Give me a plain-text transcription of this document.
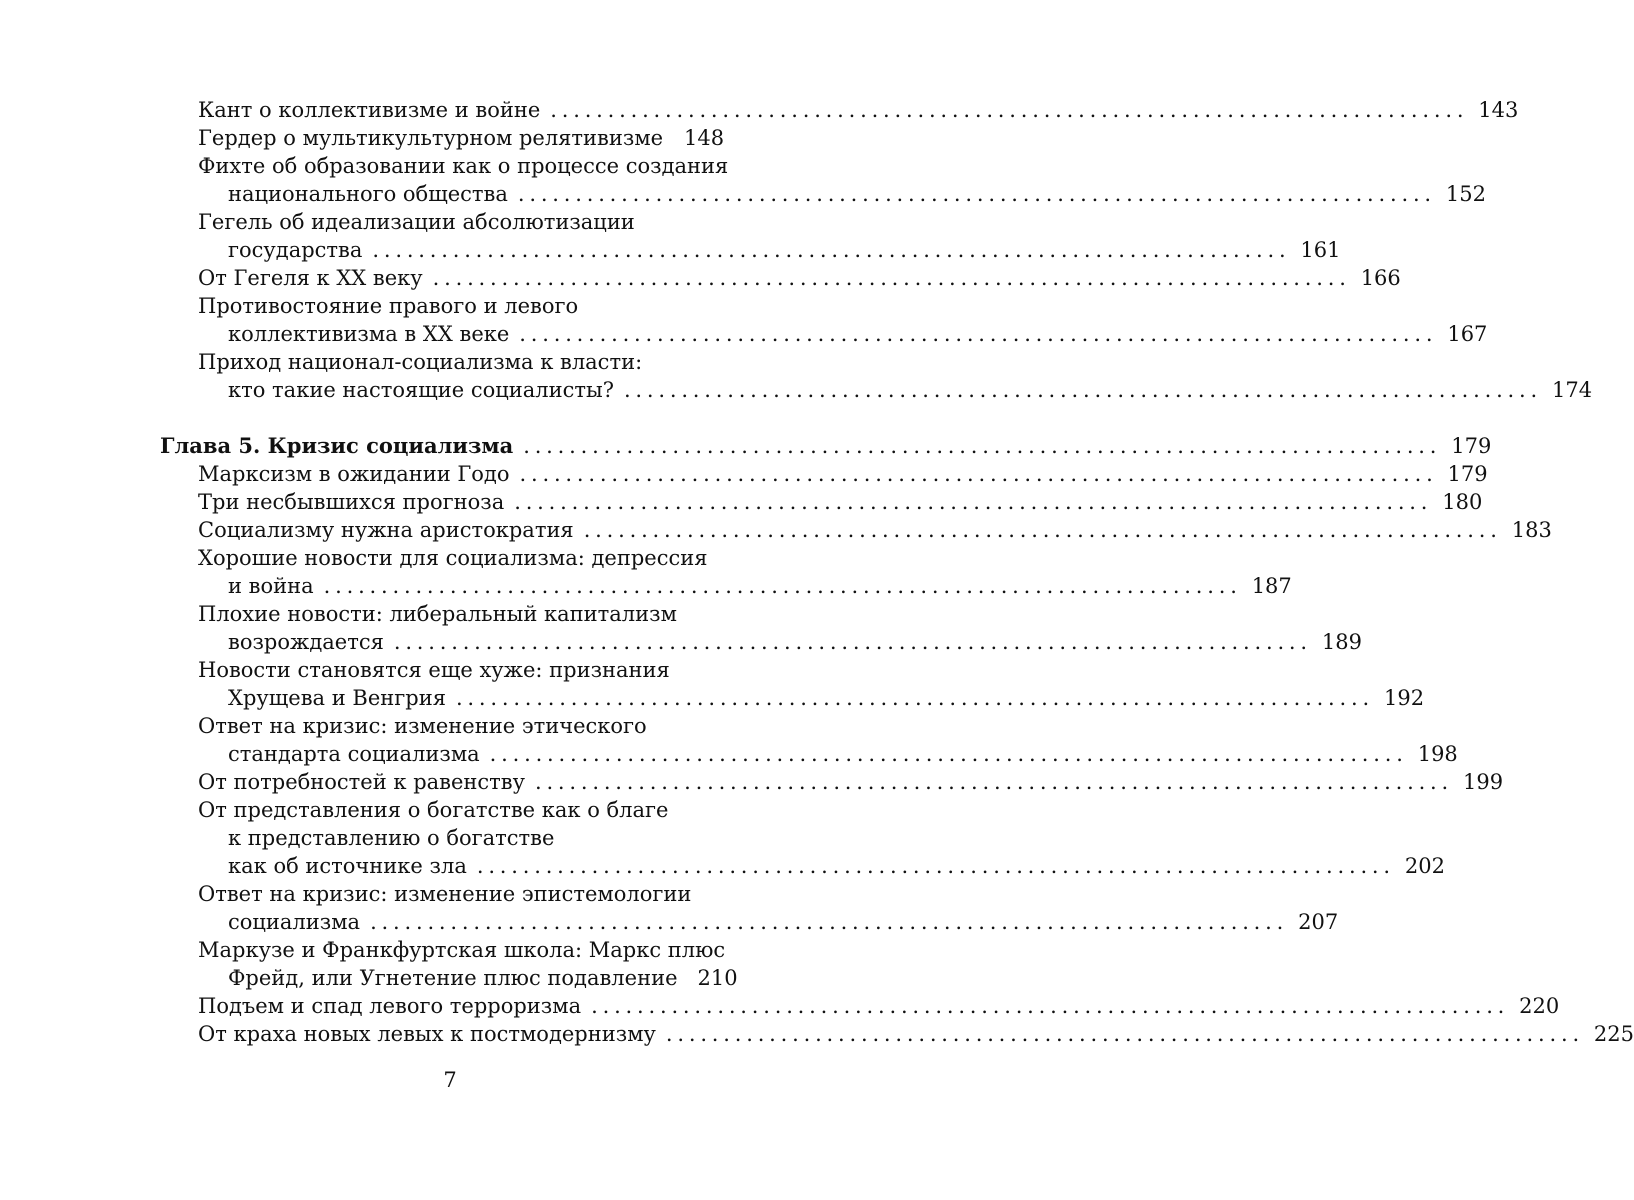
Кант о коллективизме и войне ................................................................................ 143
Гердер о мультикультурном релятивизме 148
Фихте об образовании как о процессе создания
национального общества ................................................................................ 152
Гегель об идеализации абсолютизации
государства ................................................................................ 161
От Гегеля к XX веку ................................................................................ 166
Противостояние правого и левого
коллективизма в XX веке ................................................................................ 167
Приход национал-социализма к власти:
кто такие настоящие социалисты? ................................................................................ 174
Глава 5. Кризис социализма ................................................................................ 179
Марксизм в ожидании Годо ................................................................................ 179
Три несбывшихся прогноза ................................................................................ 180
Социализму нужна аристократия ................................................................................ 183
Хорошие новости для социализма: депрессия
и война ................................................................................ 187
Плохие новости: либеральный капитализм
возрождается ................................................................................ 189
Новости становятся еще хуже: признания
Хрущева и Венгрия ................................................................................ 192
Ответ на кризис: изменение этического
стандарта социализма ................................................................................ 198
От потребностей к равенству ................................................................................ 199
От представления о богатстве как о благе
к представлению о богатстве
как об источнике зла ................................................................................ 202
Ответ на кризис: изменение эпистемологии
социализма ................................................................................ 207
Маркузе и Франкфуртская школа: Маркс плюс
Фрейд, или Угнетение плюс подавление 210
Подъем и спад левого терроризма ................................................................................ 220
От краха новых левых к постмодернизму ................................................................................ 225
7
